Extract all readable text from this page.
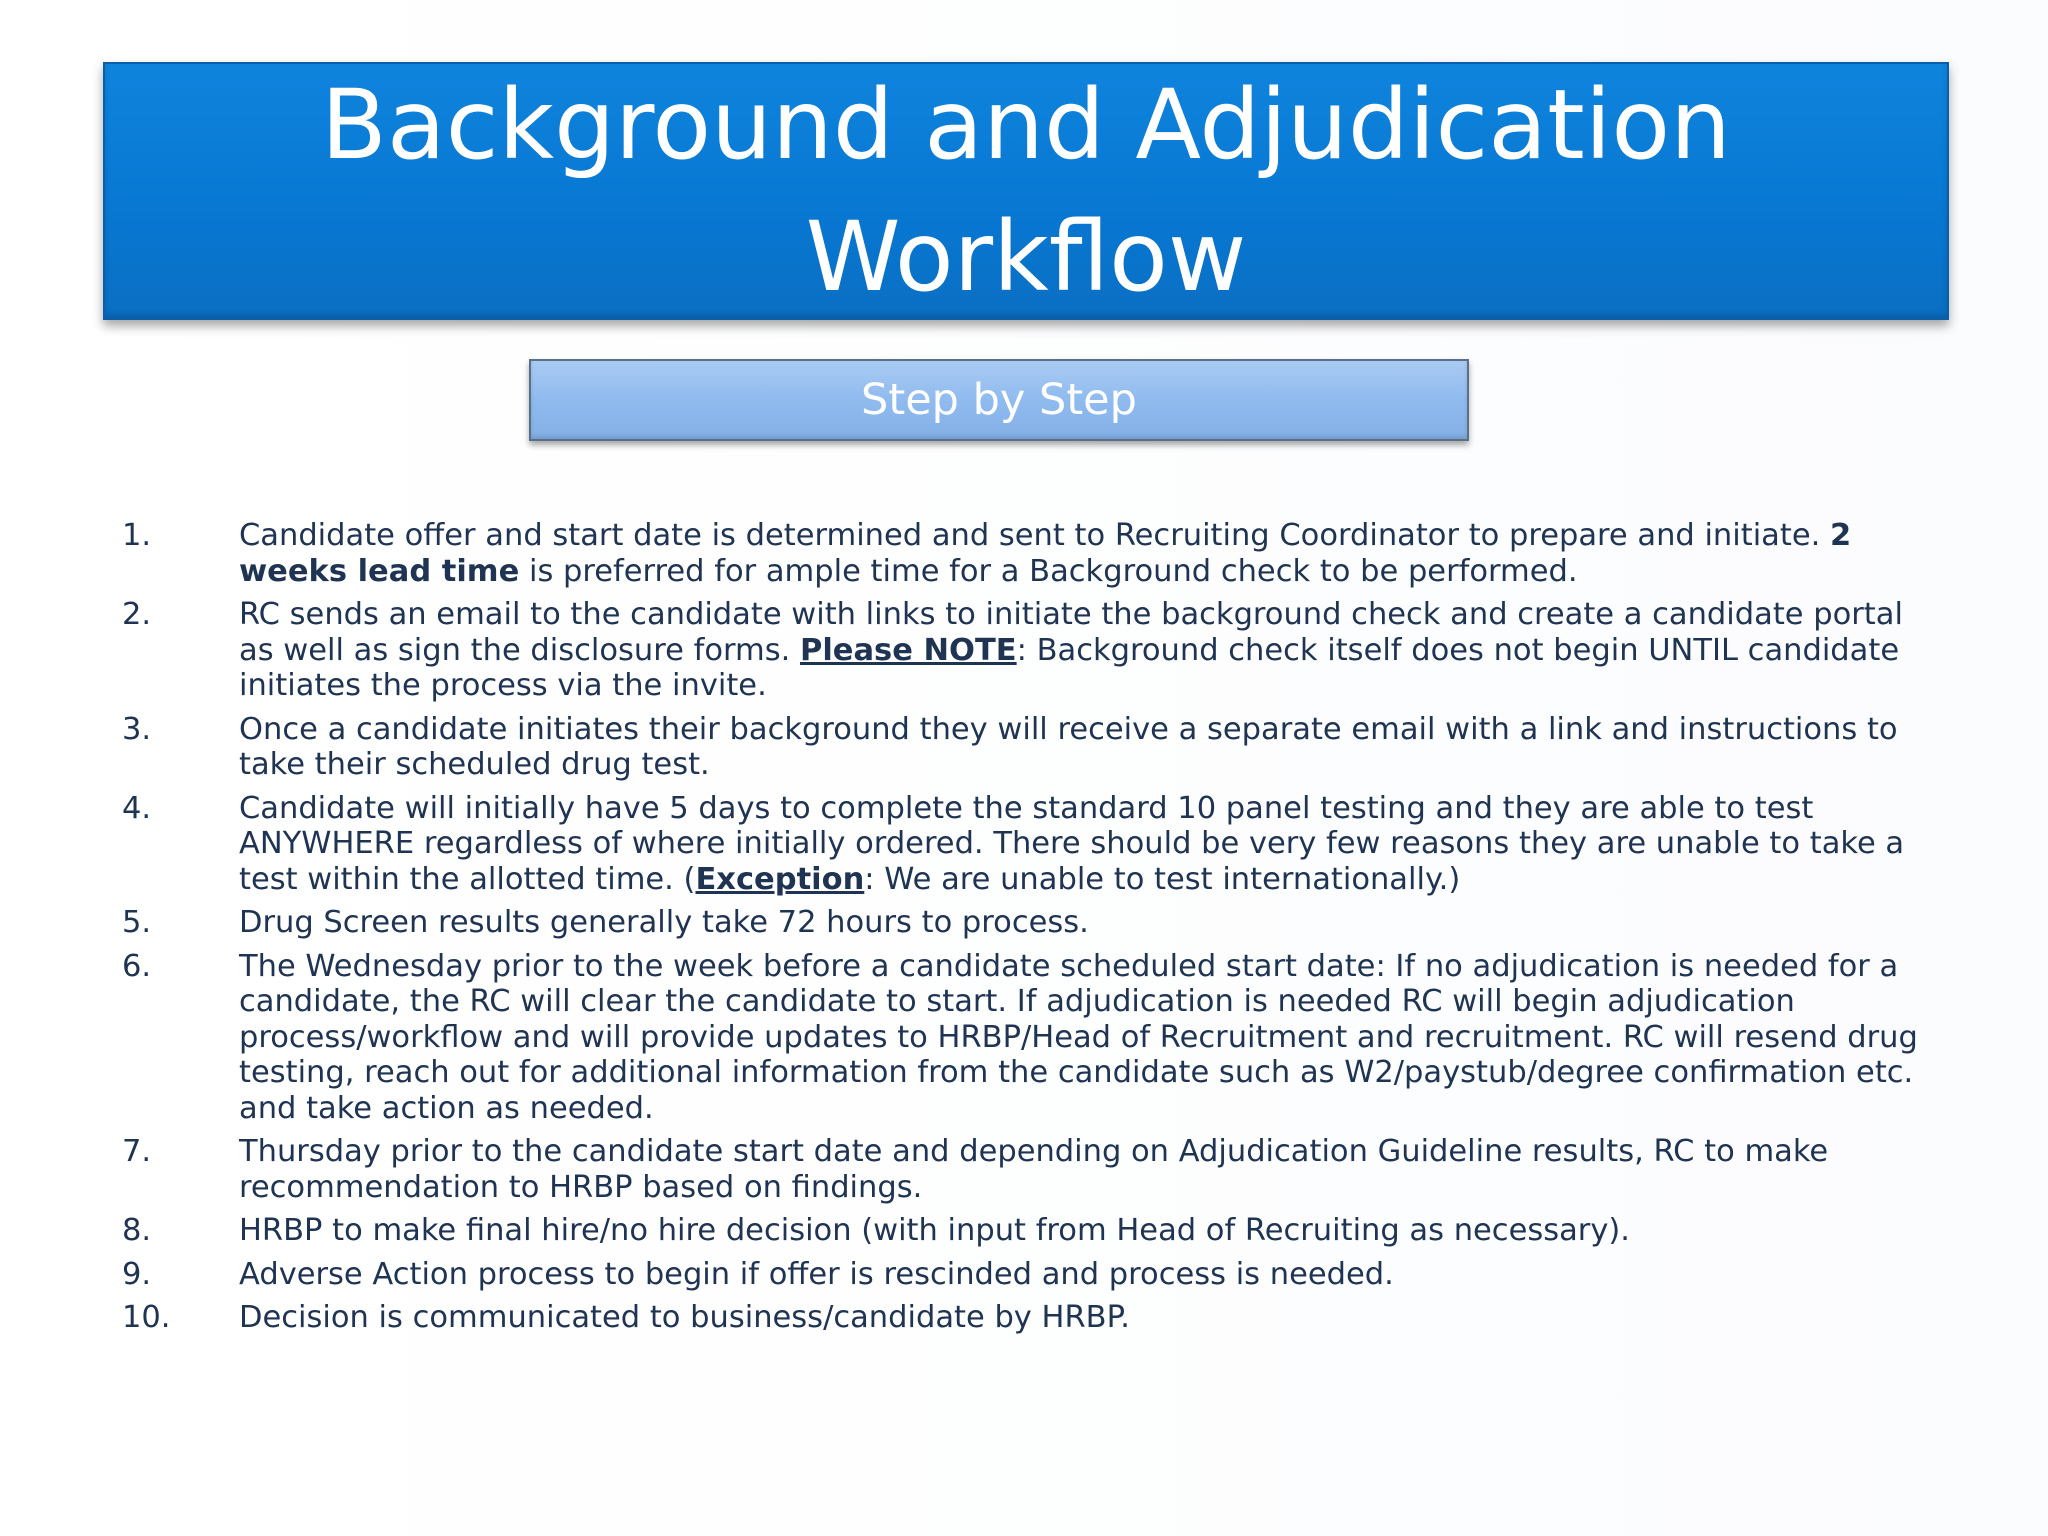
Background and Adjudication Workflow
Step by Step
1.	Candidate offer and start date is determined and sent to Recruiting Coordinator to prepare and initiate. 2 weeks lead time is preferred for ample time for a Background check to be performed.
2.	RC sends an email to the candidate with links to initiate the background check and create a candidate portal as well as sign the disclosure forms. Please NOTE: Background check itself does not begin UNTIL candidate initiates the process via the invite.
3.	Once a candidate initiates their background they will receive a separate email with a link and instructions to take their scheduled drug test.
4.	Candidate will initially have 5 days to complete the standard 10 panel testing and they are able to test ANYWHERE regardless of where initially ordered. There should be very few reasons they are unable to take a test within the allotted time. (Exception: We are unable to test internationally.)
5.	Drug Screen results generally take 72 hours to process.
6.	The Wednesday prior to the week before a candidate scheduled start date: If no adjudication is needed for a candidate, the RC will clear the candidate to start. If adjudication is needed RC will begin adjudication process/workflow and will provide updates to HRBP/Head of Recruitment and recruitment. RC will resend drug testing, reach out for additional information from the candidate such as W2/paystub/degree confirmation etc. and take action as needed.
7.	Thursday prior to the candidate start date and depending on Adjudication Guideline results, RC to make recommendation to HRBP based on findings.
8.	HRBP to make final hire/no hire decision (with input from Head of Recruiting as necessary).
9.	Adverse Action process to begin if offer is rescinded and process is needed.
10.	Decision is communicated to business/candidate by HRBP.
